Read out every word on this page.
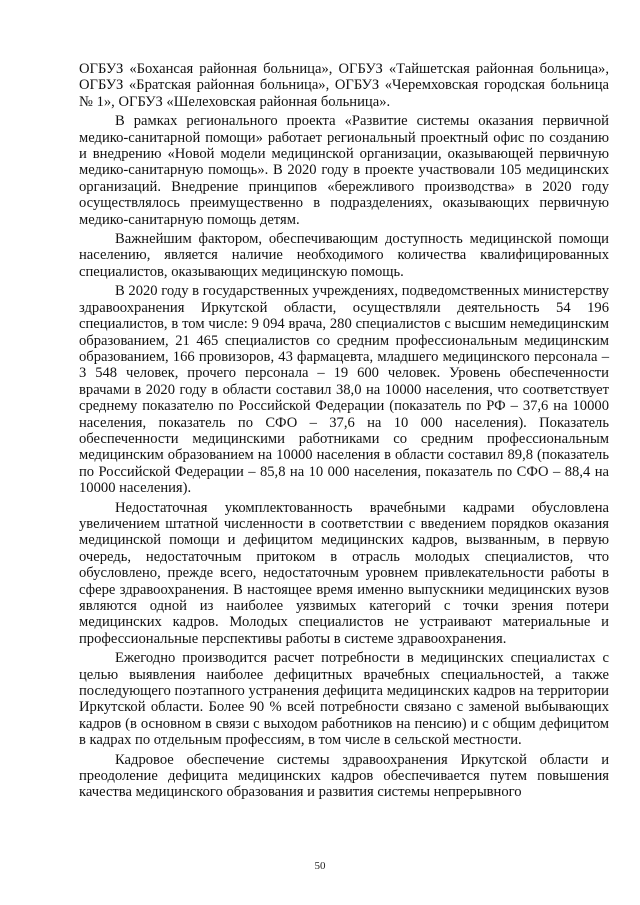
ОГБУЗ «Бохансая районная больница», ОГБУЗ «Тайшетская районная больница», ОГБУЗ «Братская районная больница», ОГБУЗ «Черемховская городская больница № 1», ОГБУЗ «Шелеховская районная больница».

В рамках регионального проекта «Развитие системы оказания первичной медико-санитарной помощи» работает региональный проектный офис по созданию и внедрению «Новой модели медицинской организации, оказывающей первичную медико-санитарную помощь». В 2020 году в проекте участвовали 105 медицинских организаций. Внедрение принципов «бережливого производства» в 2020 году осуществлялось преимущественно в подразделениях, оказывающих первичную медико-санитарную помощь детям.

Важнейшим фактором, обеспечивающим доступность медицинской помощи населению, является наличие необходимого количества квалифицированных специалистов, оказывающих медицинскую помощь.

В 2020 году в государственных учреждениях, подведомственных министерству здравоохранения Иркутской области, осуществляли деятельность 54 196 специалистов, в том числе: 9 094 врача, 280 специалистов с высшим немедицинским образованием, 21 465 специалистов со средним профессиональным медицинским образованием, 166 провизоров, 43 фармацевта, младшего медицинского персонала – 3 548 человек, прочего персонала – 19 600 человек. Уровень обеспеченности врачами в 2020 году в области составил 38,0 на 10000 населения, что соответствует среднему показателю по Российской Федерации (показатель по РФ – 37,6 на 10000 населения, показатель по СФО – 37,6 на 10 000 населения). Показатель обеспеченности медицинскими работниками со средним профессиональным медицинским образованием на 10000 населения в области составил 89,8 (показатель по Российской Федерации – 85,8 на 10 000 населения, показатель по СФО – 88,4 на 10000 населения).

Недостаточная укомплектованность врачебными кадрами обусловлена увеличением штатной численности в соответствии с введением порядков оказания медицинской помощи и дефицитом медицинских кадров, вызванным, в первую очередь, недостаточным притоком в отрасль молодых специалистов, что обусловлено, прежде всего, недостаточным уровнем привлекательности работы в сфере здравоохранения. В настоящее время именно выпускники медицинских вузов являются одной из наиболее уязвимых категорий с точки зрения потери медицинских кадров. Молодых специалистов не устраивают материальные и профессиональные перспективы работы в системе здравоохранения.

Ежегодно производится расчет потребности в медицинских специалистах с целью выявления наиболее дефицитных врачебных специальностей, а также последующего поэтапного устранения дефицита медицинских кадров на территории Иркутской области. Более 90 % всей потребности связано с заменой выбывающих кадров (в основном в связи с выходом работников на пенсию) и с общим дефицитом в кадрах по отдельным профессиям, в том числе в сельской местности.

Кадровое обеспечение системы здравоохранения Иркутской области и преодоление дефицита медицинских кадров обеспечивается путем повышения качества медицинского образования и развития системы непрерывного

50
